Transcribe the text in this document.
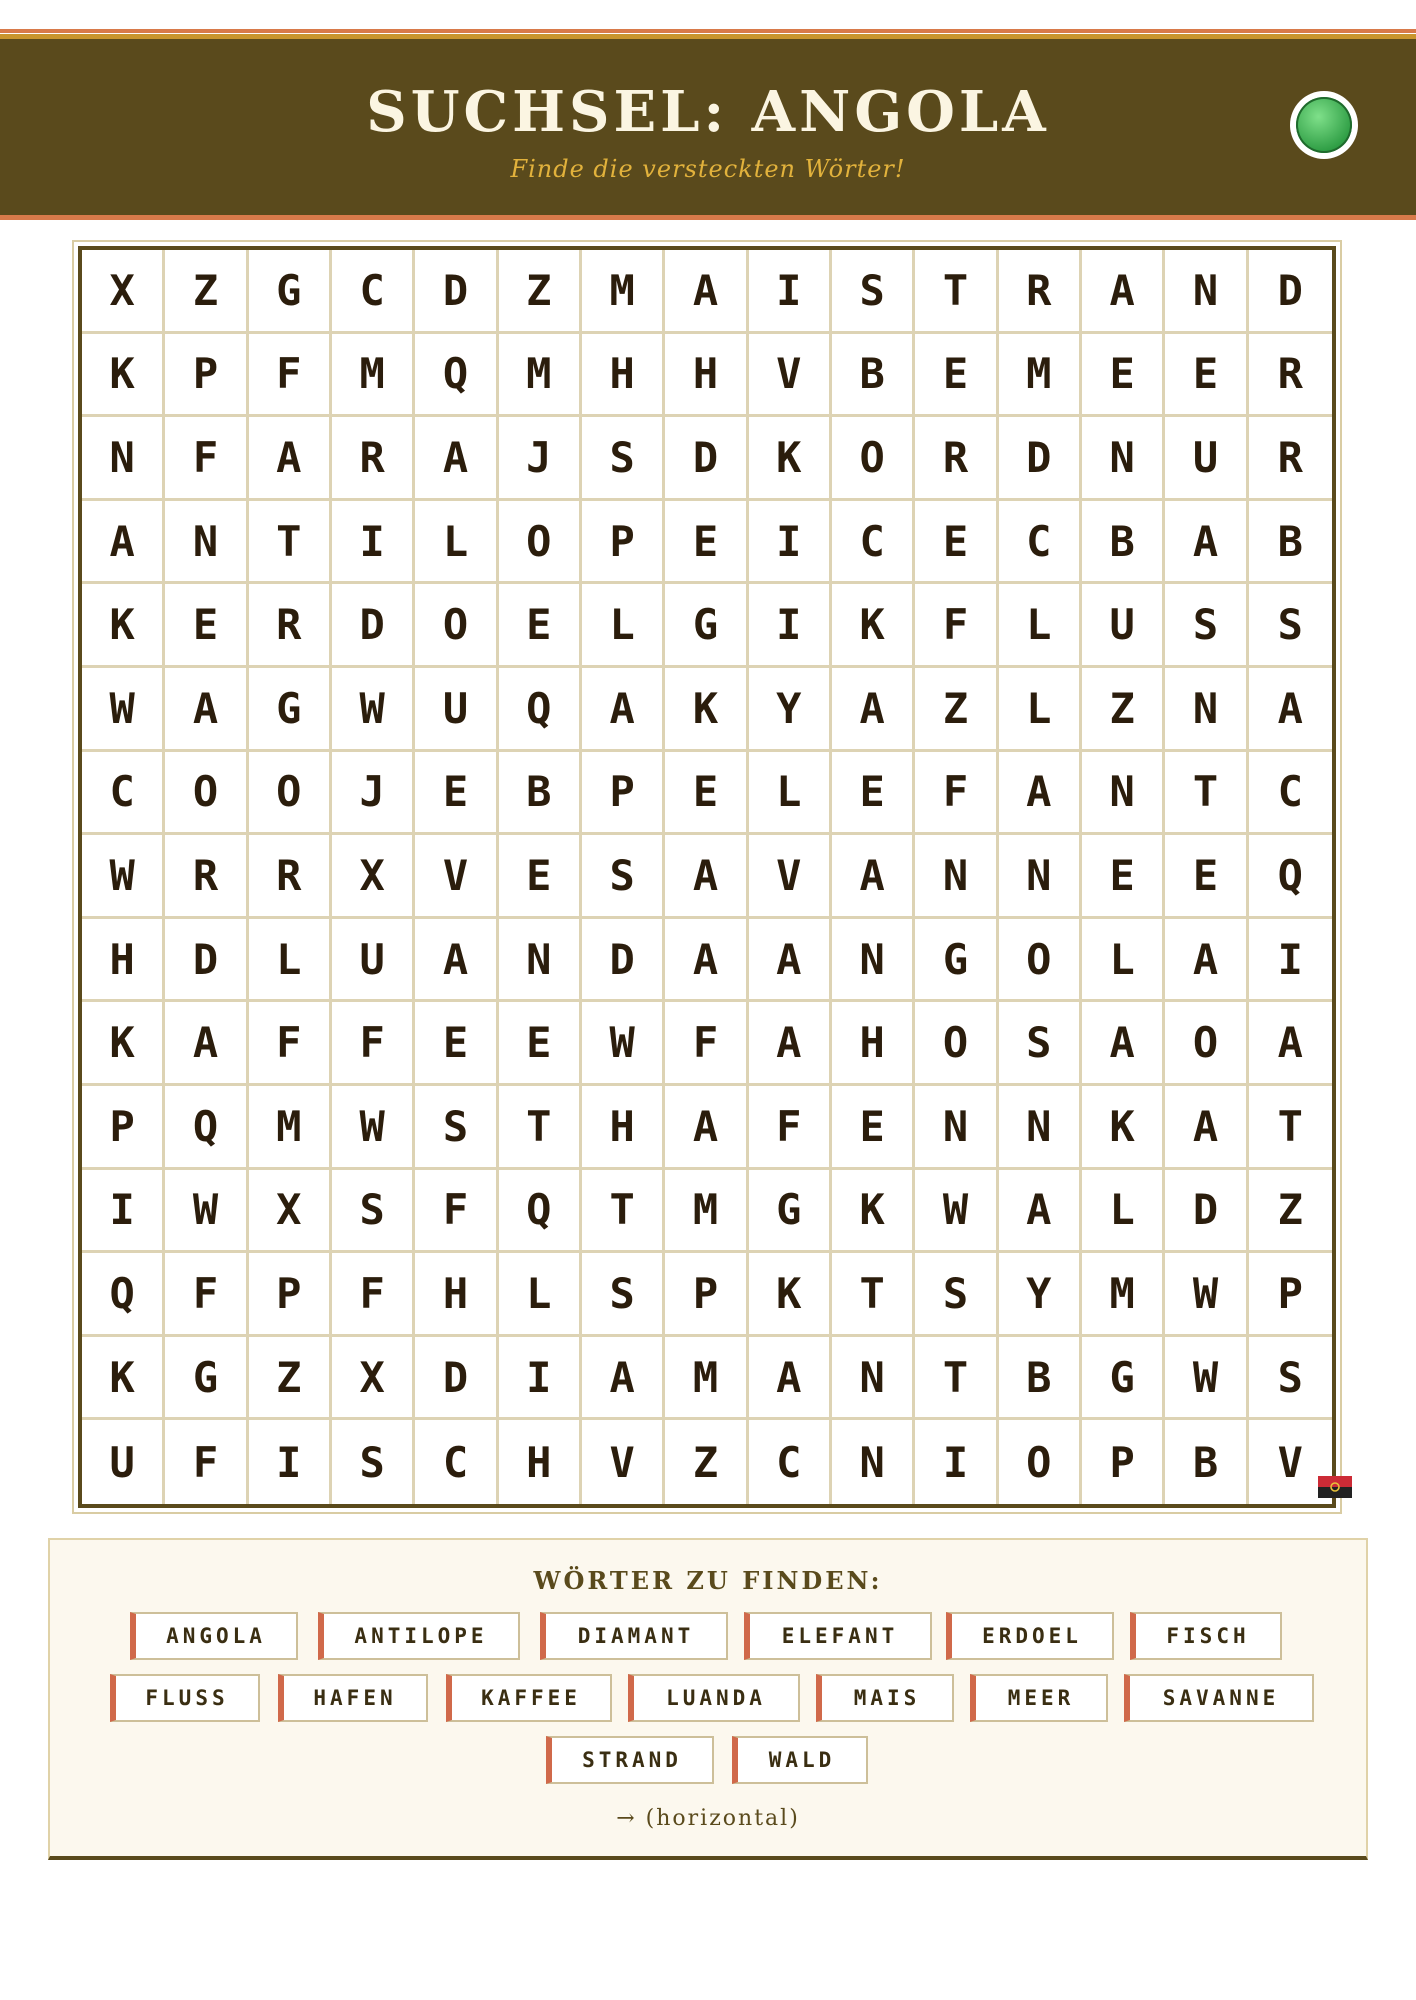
SUCHSEL: ANGOLA
Finde die versteckten Wörter!
X	Z	G	C	D	Z	M	A	I	S	T	R	A	N	D
K	P	F	M	Q	M	H	H	V	B	E	M	E	E	R
N	F	A	R	A	J	S	D	K	O	R	D	N	U	R
A	N	T	I	L	O	P	E	I	C	E	C	B	A	B
K	E	R	D	O	E	L	G	I	K	F	L	U	S	S
W	A	G	W	U	Q	A	K	Y	A	Z	L	Z	N	A
C	O	O	J	E	B	P	E	L	E	F	A	N	T	C
W	R	R	X	V	E	S	A	V	A	N	N	E	E	Q
H	D	L	U	A	N	D	A	A	N	G	O	L	A	I
K	A	F	F	E	E	W	F	A	H	O	S	A	O	A
P	Q	M	W	S	T	H	A	F	E	N	N	K	A	T
I	W	X	S	F	Q	T	M	G	K	W	A	L	D	Z
Q	F	P	F	H	L	S	P	K	T	S	Y	M	W	P
K	G	Z	X	D	I	A	M	A	N	T	B	G	W	S
U	F	I	S	C	H	V	Z	C	N	I	O	P	B	V
WÖRTER ZU FINDEN:
ANGOLA	ANTILOPE	DIAMANT	ELEFANT	ERDOEL	FISCH
FLUSS	HAFEN	KAFFEE	LUANDA	MAIS	MEER	SAVANNE
STRAND	WALD
→ (horizontal)
